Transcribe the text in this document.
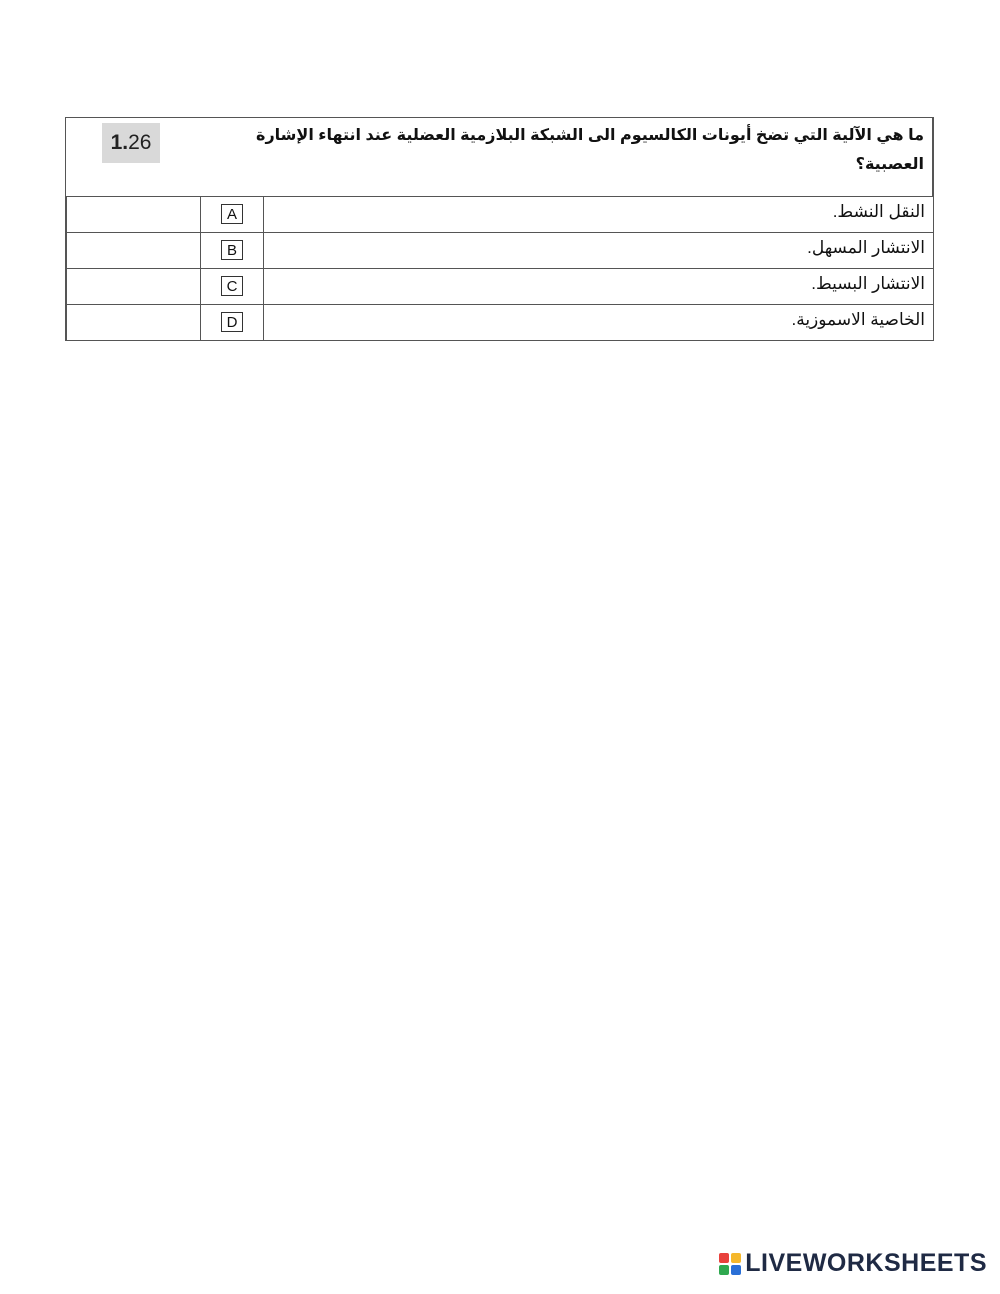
ما هي الآلية التي تضخ أيونات الكالسيوم الى الشبكة البلازمية العضلية عند انتهاء الإشارة العصبية؟
1. 26
النقل النشط.
A
الانتشار المسهل.
B
الانتشار البسيط.
C
الخاصية الاسموزية.
D
LIVEWORKSHEETS
